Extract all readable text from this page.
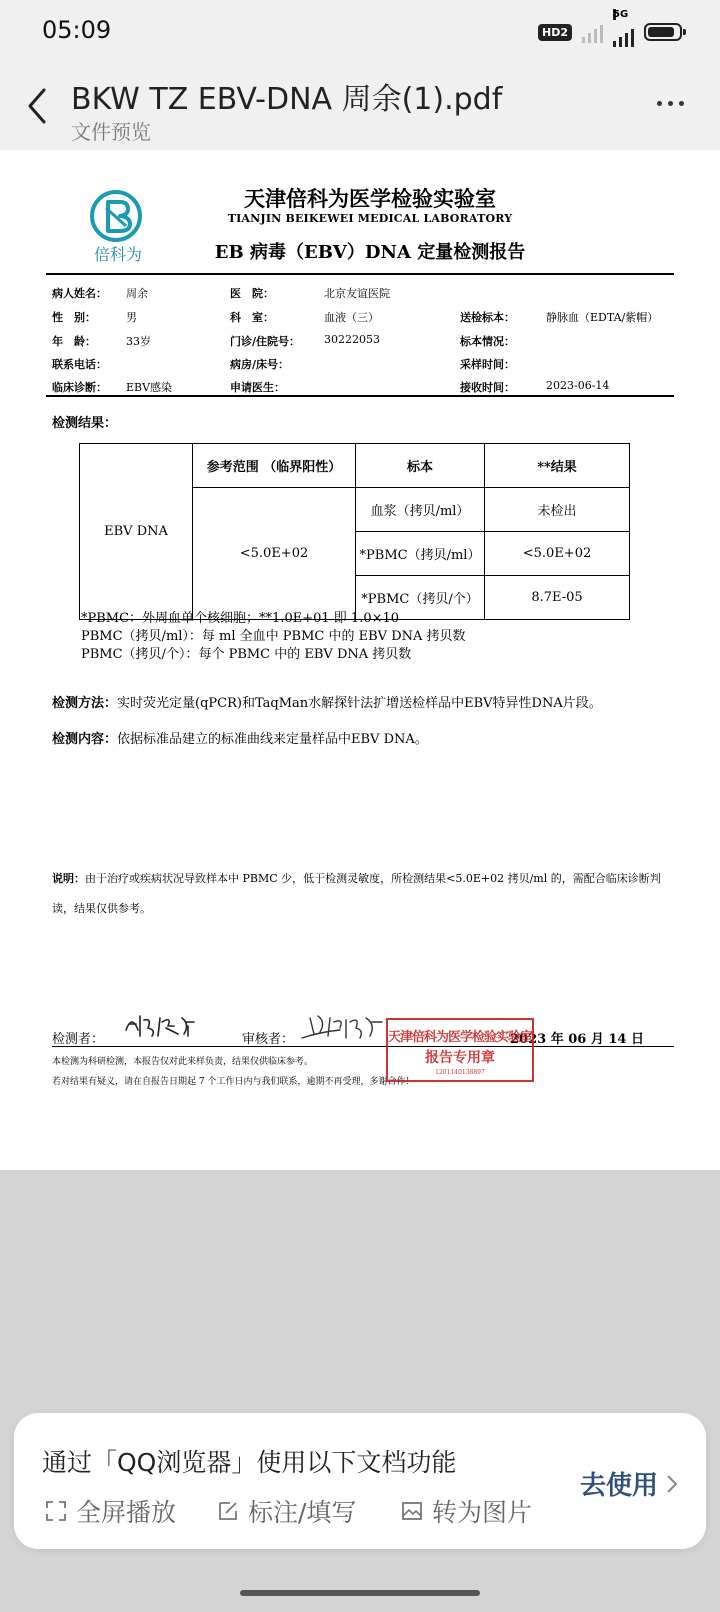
05:09	HD2
5G
BKW TZ EBV-DNA 周余(1).pdf
文件预览
倍科为
天津倍科为医学检验实验室
TIANJIN BEIKEWEI MEDICAL LABORATORY
EB 病毒（EBV）DNA 定量检测报告
病人姓名： 周余	医　院：	北京友谊医院
性　别：	男	科　室：	血液（三）	送检标本：	静脉血（EDTA/紫帽）
年　龄：	33岁	门诊/住院号： 30222053	标本情况：
联系电话：	病房/床号：	采样时间：
临床诊断： EBV感染	申请医生：	接收时间：	2023-06-14
检测结果：
EBV DNA	参考范围 （临界阳性）	标本	**结果
	<5.0E+02	血浆（拷贝/ml）	未检出
		*PBMC（拷贝/ml）	<5.0E+02
		*PBMC（拷贝/个）	8.7E-05
*PBMC：外周血单个核细胞；**1.0E+01 即 1.0×10
PBMC（拷贝/ml）：每 ml 全血中 PBMC 中的 EBV DNA 拷贝数
PBMC（拷贝/个）：每个 PBMC 中的 EBV DNA 拷贝数
检测方法：实时荧光定量(qPCR)和TaqMan水解探针法扩增送检样品中EBV特异性DNA片段。
检测内容：依据标准品建立的标准曲线来定量样品中EBV DNA。
说明：由于治疗或疾病状况导致样本中 PBMC 少，低于检测灵敏度，所检测结果<5.0E+02 拷贝/ml 的，需配合临床诊断判读，结果仅供参考。
检测者：	审核者：	2023 年 06 月 14 日
本检测为科研检测，本报告仅对此来样负责，结果仅供临床参考。
若对结果有疑义，请在自报告日期起 7 个工作日内与我们联系，逾期不再受理，多谢合作！
天津倍科为医学检验实验室
报告专用章
1201140138897
通过「QQ浏览器」使用以下文档功能
全屏播放	标注/填写	转为图片
去使用
